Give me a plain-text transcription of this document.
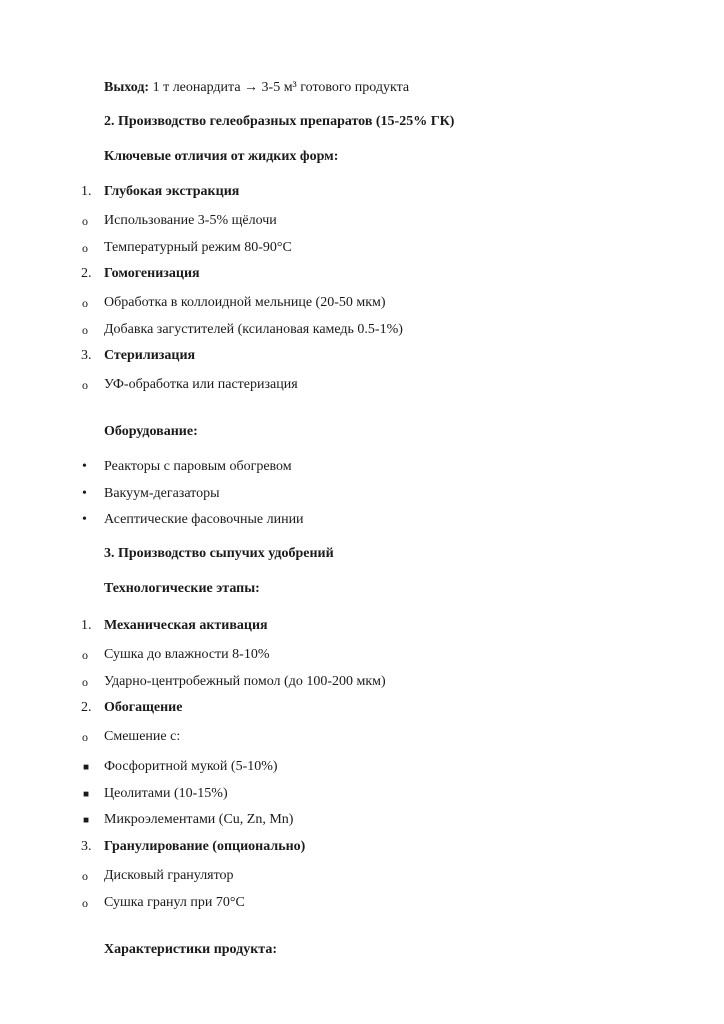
Выход: 1 т леонардита → 3-5 м³ готового продукта
2. Производство гелеобразных препаратов (15-25% ГК)
Ключевые отличия от жидких форм:
1. Глубокая экстракция
o Использование 3-5% щёлочи
o Температурный режим 80-90°C
2. Гомогенизация
o Обработка в коллоидной мельнице (20-50 мкм)
o Добавка загустителей (ксилановая камедь 0.5-1%)
3. Стерилизация
o УФ-обработка или пастеризация
Оборудование:
• Реакторы с паровым обогревом
• Вакуум-дегазаторы
• Асептические фасовочные линии
3. Производство сыпучих удобрений
Технологические этапы:
1. Механическая активация
o Сушка до влажности 8-10%
o Ударно-центробежный помол (до 100-200 мкм)
2. Обогащение
o Смешение с:
■ Фосфоритной мукой (5-10%)
■ Цеолитами (10-15%)
■ Микроэлементами (Cu, Zn, Mn)
3. Гранулирование (опционально)
o Дисковый гранулятор
o Сушка гранул при 70°C
Характеристики продукта:
